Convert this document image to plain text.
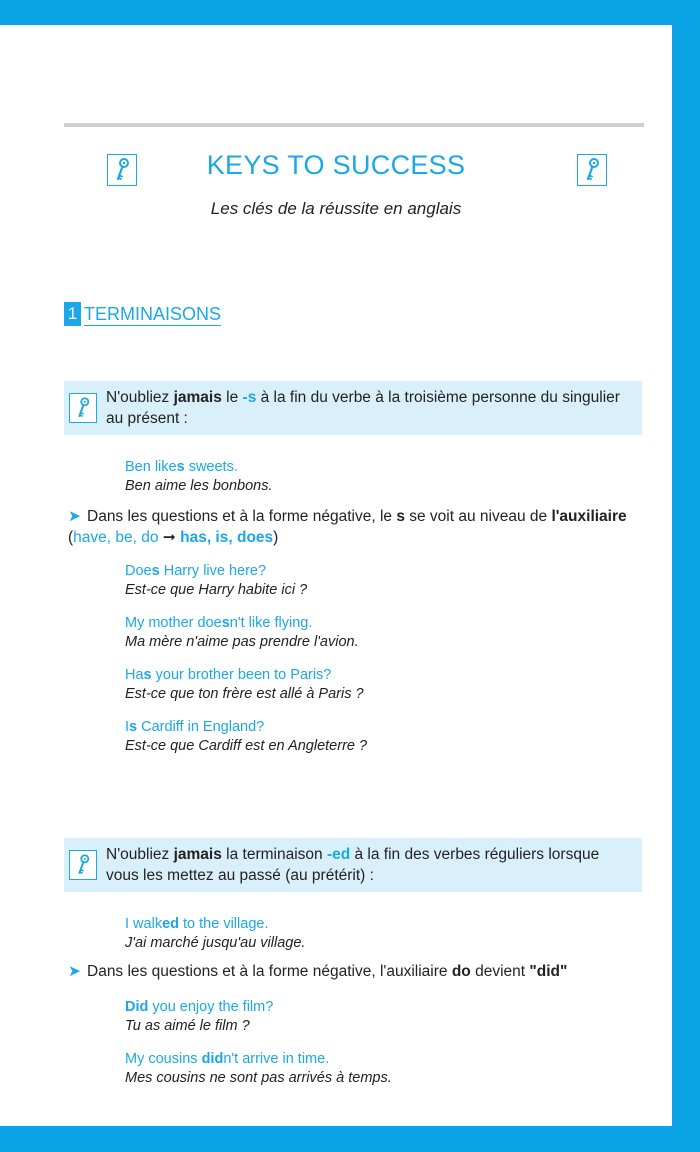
KEYS TO SUCCESS
Les clés de la réussite en anglais
1 TERMINAISONS
N'oubliez jamais le -s à la fin du verbe à la troisième personne du singulier au présent :
Ben likes sweets.
Ben aime les bonbons.
➤ Dans les questions et à la forme négative, le s se voit au niveau de l'auxiliaire
(have, be, do ➞ has, is, does)
Does Harry live here?
Est-ce que Harry habite ici ?
My mother doesn't like flying.
Ma mère n'aime pas prendre l'avion.
Has your brother been to Paris?
Est-ce que ton frère est allé à Paris ?
Is Cardiff in England?
Est-ce que Cardiff est en Angleterre ?
N'oubliez jamais la terminaison -ed à la fin des verbes réguliers lorsque vous les mettez au passé (au prétérit) :
I walked to the village.
J'ai marché jusqu'au village.
➤ Dans les questions et à la forme négative, l'auxiliaire do devient "did"
Did you enjoy the film?
Tu as aimé le film ?
My cousins didn't arrive in time.
Mes cousins ne sont pas arrivés à temps.
